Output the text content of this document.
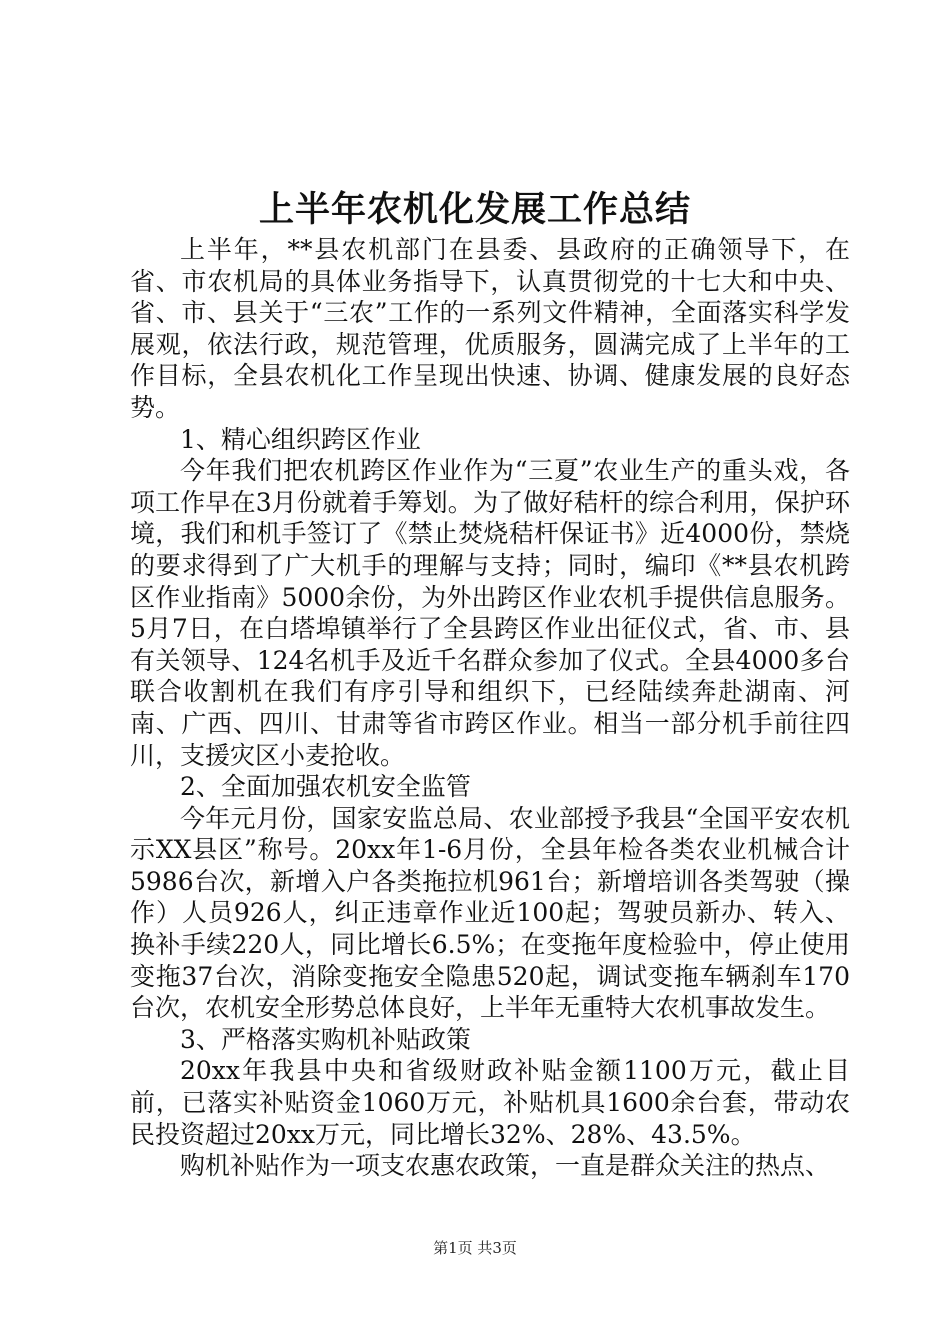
上半年农机化发展工作总结

上半年，**县农机部门在县委、县政府的正确领导下，在省、市农机局的具体业务指导下，认真贯彻党的十七大和中央、省、市、县关于“三农”工作的一系列文件精神，全面落实科学发展观，依法行政，规范管理，优质服务，圆满完成了上半年的工作目标，全县农机化工作呈现出快速、协调、健康发展的良好态势。

1、精心组织跨区作业

今年我们把农机跨区作业作为“三夏”农业生产的重头戏，各项工作早在3月份就着手筹划。为了做好秸杆的综合利用，保护环境，我们和机手签订了《禁止焚烧秸杆保证书》近4000份，禁烧的要求得到了广大机手的理解与支持；同时，编印《**县农机跨区作业指南》5000余份，为外出跨区作业农机手提供信息服务。5月7日，在白塔埠镇举行了全县跨区作业出征仪式，省、市、县有关领导、124名机手及近千名群众参加了仪式。全县4000多台联合收割机在我们有序引导和组织下，已经陆续奔赴湖南、河南、广西、四川、甘肃等省市跨区作业。相当一部分机手前往四川，支援灾区小麦抢收。

2、全面加强农机安全监管

今年元月份，国家安监总局、农业部授予我县“全国平安农机示XX县区”称号。20xx年1-6月份，全县年检各类农业机械合计5986台次，新增入户各类拖拉机961台；新增培训各类驾驶（操作）人员926人，纠正违章作业近100起；驾驶员新办、转入、换补手续220人，同比增长6.5%；在变拖年度检验中，停止使用变拖37台次，消除变拖安全隐患520起，调试变拖车辆刹车170台次，农机安全形势总体良好，上半年无重特大农机事故发生。

3、严格落实购机补贴政策

20xx年我县中央和省级财政补贴金额1100万元，截止目前，已落实补贴资金1060万元，补贴机具1600余台套，带动农民投资超过20xx万元，同比增长32%、28%、43.5%。

购机补贴作为一项支农惠农政策，一直是群众关注的热点、

第1页 共3页
